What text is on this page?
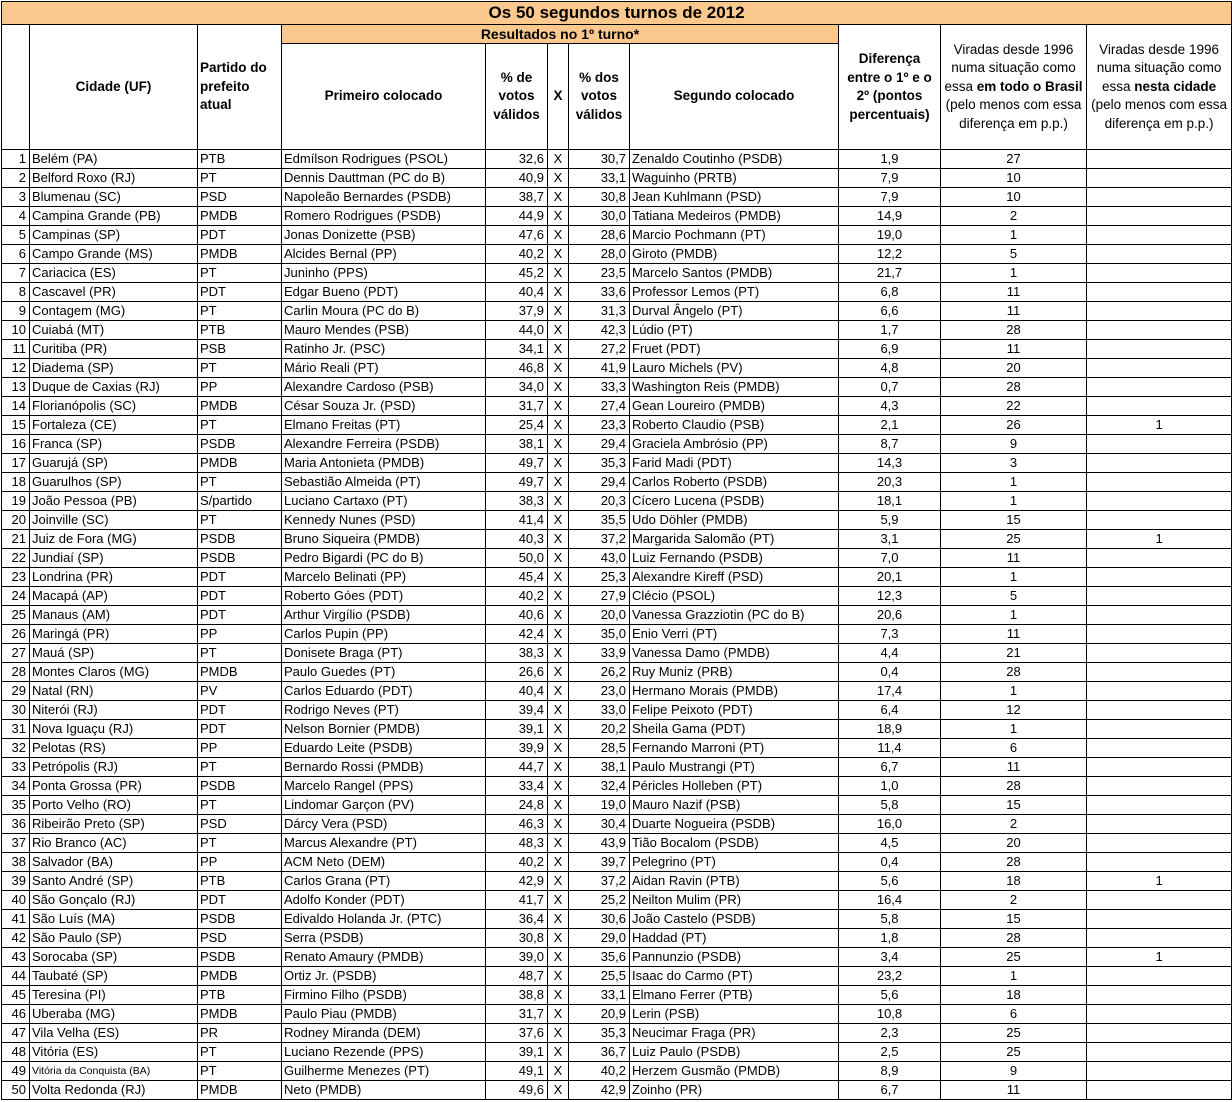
Os 50 segundos turnos de 2012										
	Cidade (UF)	Partido do prefeito atual	Resultados no 1º turno*					Diferença entre o 1º e o 2º (pontos percentuais)	Viradas desde 1996 numa situação como essa em todo o Brasil (pelo menos com essa diferença em p.p.)	Viradas desde 1996 numa situação como essa nesta cidade (pelo menos com essa diferença em p.p.)
			Primeiro colocado	% de votos válidos	X	% dos votos válidos	Segundo colocado			
1	Belém (PA)	PTB	Edmílson Rodrigues (PSOL)	32,6	X	30,7	Zenaldo Coutinho (PSDB)	1,9	27	
2	Belford Roxo (RJ)	PT	Dennis Dauttman (PC do B)	40,9	X	33,1	Waguinho (PRTB)	7,9	10	
3	Blumenau (SC)	PSD	Napoleão Bernardes (PSDB)	38,7	X	30,8	Jean Kuhlmann (PSD)	7,9	10	
4	Campina Grande (PB)	PMDB	Romero Rodrigues (PSDB)	44,9	X	30,0	Tatiana Medeiros (PMDB)	14,9	2	
5	Campinas (SP)	PDT	Jonas Donizette (PSB)	47,6	X	28,6	Marcio Pochmann (PT)	19,0	1	
6	Campo Grande (MS)	PMDB	Alcides Bernal (PP)	40,2	X	28,0	Giroto (PMDB)	12,2	5	
7	Cariacica (ES)	PT	Juninho (PPS)	45,2	X	23,5	Marcelo Santos (PMDB)	21,7	1	
8	Cascavel (PR)	PDT	Edgar Bueno (PDT)	40,4	X	33,6	Professor Lemos (PT)	6,8	11	
9	Contagem (MG)	PT	Carlin Moura (PC do B)	37,9	X	31,3	Durval Ângelo (PT)	6,6	11	
10	Cuiabá (MT)	PTB	Mauro Mendes (PSB)	44,0	X	42,3	Lúdio (PT)	1,7	28	
11	Curitiba (PR)	PSB	Ratinho Jr. (PSC)	34,1	X	27,2	Fruet (PDT)	6,9	11	
12	Diadema (SP)	PT	Mário Reali (PT)	46,8	X	41,9	Lauro Michels (PV)	4,8	20	
13	Duque de Caxias (RJ)	PP	Alexandre Cardoso (PSB)	34,0	X	33,3	Washington Reis (PMDB)	0,7	28	
14	Florianópolis (SC)	PMDB	César Souza Jr. (PSD)	31,7	X	27,4	Gean Loureiro (PMDB)	4,3	22	
15	Fortaleza (CE)	PT	Elmano Freitas (PT)	25,4	X	23,3	Roberto Claudio (PSB)	2,1	26	1
16	Franca (SP)	PSDB	Alexandre Ferreira (PSDB)	38,1	X	29,4	Graciela Ambrósio (PP)	8,7	9	
17	Guarujá (SP)	PMDB	Maria Antonieta (PMDB)	49,7	X	35,3	Farid Madi (PDT)	14,3	3	
18	Guarulhos (SP)	PT	Sebastião Almeida (PT)	49,7	X	29,4	Carlos Roberto (PSDB)	20,3	1	
19	João Pessoa (PB)	S/partido	Luciano Cartaxo (PT)	38,3	X	20,3	Cícero Lucena (PSDB)	18,1	1	
20	Joinville (SC)	PT	Kennedy Nunes (PSD)	41,4	X	35,5	Udo Döhler (PMDB)	5,9	15	
21	Juiz de Fora (MG)	PSDB	Bruno Siqueira (PMDB)	40,3	X	37,2	Margarida Salomão (PT)	3,1	25	1
22	Jundiaí (SP)	PSDB	Pedro Bigardi (PC do B)	50,0	X	43,0	Luiz Fernando (PSDB)	7,0	11	
23	Londrina (PR)	PDT	Marcelo Belinati (PP)	45,4	X	25,3	Alexandre Kireff (PSD)	20,1	1	
24	Macapá (AP)	PDT	Roberto Góes (PDT)	40,2	X	27,9	Clécio (PSOL)	12,3	5	
25	Manaus (AM)	PDT	Arthur Virgílio (PSDB)	40,6	X	20,0	Vanessa Grazziotin (PC do B)	20,6	1	
26	Maringá (PR)	PP	Carlos Pupin (PP)	42,4	X	35,0	Enio Verri (PT)	7,3	11	
27	Mauá (SP)	PT	Donisete Braga (PT)	38,3	X	33,9	Vanessa Damo (PMDB)	4,4	21	
28	Montes Claros (MG)	PMDB	Paulo Guedes (PT)	26,6	X	26,2	Ruy Muniz (PRB)	0,4	28	
29	Natal (RN)	PV	Carlos Eduardo (PDT)	40,4	X	23,0	Hermano Morais (PMDB)	17,4	1	
30	Niterói (RJ)	PDT	Rodrigo Neves (PT)	39,4	X	33,0	Felipe Peixoto (PDT)	6,4	12	
31	Nova Iguaçu (RJ)	PDT	Nelson Bornier (PMDB)	39,1	X	20,2	Sheila Gama (PDT)	18,9	1	
32	Pelotas (RS)	PP	Eduardo Leite (PSDB)	39,9	X	28,5	Fernando Marroni (PT)	11,4	6	
33	Petrópolis (RJ)	PT	Bernardo Rossi (PMDB)	44,7	X	38,1	Paulo Mustrangi (PT)	6,7	11	
34	Ponta Grossa (PR)	PSDB	Marcelo Rangel (PPS)	33,4	X	32,4	Péricles Holleben (PT)	1,0	28	
35	Porto Velho (RO)	PT	Lindomar Garçon (PV)	24,8	X	19,0	Mauro Nazif (PSB)	5,8	15	
36	Ribeirão Preto (SP)	PSD	Dárcy Vera (PSD)	46,3	X	30,4	Duarte Nogueira (PSDB)	16,0	2	
37	Rio Branco (AC)	PT	Marcus Alexandre (PT)	48,3	X	43,9	Tião Bocalom (PSDB)	4,5	20	
38	Salvador (BA)	PP	ACM Neto (DEM)	40,2	X	39,7	Pelegrino (PT)	0,4	28	
39	Santo André (SP)	PTB	Carlos Grana (PT)	42,9	X	37,2	Aidan Ravin (PTB)	5,6	18	1
40	São Gonçalo (RJ)	PDT	Adolfo Konder (PDT)	41,7	X	25,2	Neilton Mulim (PR)	16,4	2	
41	São Luís (MA)	PSDB	Edivaldo Holanda Jr. (PTC)	36,4	X	30,6	João Castelo (PSDB)	5,8	15	
42	São Paulo (SP)	PSD	Serra (PSDB)	30,8	X	29,0	Haddad (PT)	1,8	28	
43	Sorocaba (SP)	PSDB	Renato Amaury (PMDB)	39,0	X	35,6	Pannunzio (PSDB)	3,4	25	1
44	Taubaté (SP)	PMDB	Ortiz Jr. (PSDB)	48,7	X	25,5	Isaac do Carmo (PT)	23,2	1	
45	Teresina (PI)	PTB	Firmino Filho (PSDB)	38,8	X	33,1	Elmano Ferrer (PTB)	5,6	18	
46	Uberaba (MG)	PMDB	Paulo Piau (PMDB)	31,7	X	20,9	Lerin (PSB)	10,8	6	
47	Vila Velha (ES)	PR	Rodney Miranda (DEM)	37,6	X	35,3	Neucimar Fraga (PR)	2,3	25	
48	Vitória (ES)	PT	Luciano Rezende (PPS)	39,1	X	36,7	Luiz Paulo (PSDB)	2,5	25	
49	Vitória da Conquista (BA)	PT	Guilherme Menezes (PT)	49,1	X	40,2	Herzem Gusmão (PMDB)	8,9	9	
50	Volta Redonda (RJ)	PMDB	Neto (PMDB)	49,6	X	42,9	Zoinho (PR)	6,7	11	
